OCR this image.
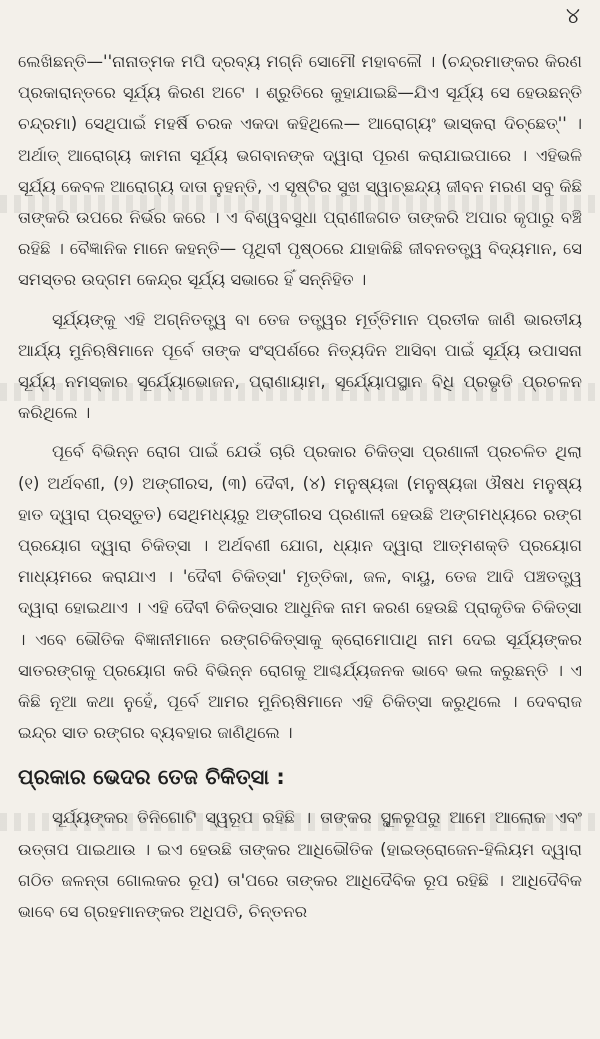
୪

ଲେଖିଛନ୍ତି—''ନାନାତ୍ମକ ମପି ଦ୍ରବ୍ୟ ମଗ୍ନି ସୋମୌ ମହାବଳୌ । (ଚନ୍ଦ୍ରମାଙ୍କର କିରଣ ପ୍ରକାରାନ୍ତରେ ସୂର୍ଯ୍ୟ କିରଣ ଅଟେ । ଶ୍ରୁତିରେ କୁହାଯାଇଛି—ଯିଏ ସୂର୍ଯ୍ୟ ସେ ହେଉଛନ୍ତି ଚନ୍ଦ୍ରମା) ସେଥିପାଇଁ ମହର୍ଷି ଚରକ ଏକଦା କହିଥିଲେ— ଆରୋଗ୍ୟଂ ଭାସ୍କରା ଦିଚ୍ଛେତ୍'' । ଅର୍ଥାତ୍ ଆରୋଗ୍ୟ କାମନା ସୂର୍ଯ୍ୟ ଭଗବାନଙ୍କ ଦ୍ୱାରା ପୂରଣ କରାଯାଇପାରେ । ଏହିଭଳି ସୂର୍ଯ୍ୟ କେବଳ ଆରୋଗ୍ୟ ଦାତା ନୁହନ୍ତି, ଏ ସୃଷ୍ଟିର ସୁଖ ସ୍ୱାଚ୍ଛନ୍ଦ୍ୟ ଜୀବନ ମରଣ ସବୁ କିଛି ତାଙ୍କରି ଉପରେ ନିର୍ଭର କରେ । ଏ ବିଶ୍ୱବସୁଧା ପ୍ରାଣୀଜଗତ ତାଙ୍କରି ଅପାର କୃପାରୁ ବଞ୍ଚି ରହିଛି । ବୈଜ୍ଞାନିକ ମାନେ କହନ୍ତି— ପୃଥିବୀ ପୃଷ୍ଠରେ ଯାହାକିଛି ଜୀବନତତ୍ତ୍ୱ ବିଦ୍ୟମାନ, ସେ ସମସ୍ତର ଉଦ୍‌ଗମ କେନ୍ଦ୍ର ସୂର୍ଯ୍ୟ ସଭାରେ ହିଁ ସନ୍ନିହିତ ।

ସୂର୍ଯ୍ୟଙ୍କୁ ଏହି ଅଗ୍ନିତତ୍ତ୍ୱ ବା ତେଜ ତତ୍ତ୍ୱର ମୂର୍ତ୍ତିମାନ ପ୍ରତୀକ ଜାଣି ଭାରତୀୟ ଆର୍ଯ୍ୟ ମୁନିଋଷିମାନେ ପୂର୍ବେ ତାଙ୍କ ସଂସ୍ପର୍ଶରେ ନିତ୍ୟଦିନ ଆସିବା ପାଇଁ ସୂର୍ଯ୍ୟ ଉପାସନା ସୂର୍ଯ୍ୟ ନମସ୍କାର ସୂର୍ଯ୍ୟୋଭୋଜନ, ପ୍ରାଣାୟାମ, ସୂର୍ଯ୍ୟୋପସ୍ଥାନ ବିଧି ପ୍ରଭୃତି ପ୍ରଚଳନ କରିଥିଲେ ।

ପୂର୍ବେ ବିଭିନ୍ନ ରୋଗ ପାଇଁ ଯେଉଁ ଚାରି ପ୍ରକାର ଚିକିତ୍ସା ପ୍ରଣାଳୀ ପ୍ରଚଳିତ ଥିଲା (୧) ଅର୍ଥବଣୀ, (୨) ଅଙ୍ଗୀରସ, (୩) ଦୈବୀ, (୪) ମନୁଷ୍ୟଜା (ମନୁଷ୍ୟଜା ଔଷଧ ମନୁଷ୍ୟ ହାତ ଦ୍ୱାରା ପ୍ରସ୍ତୁତ) ସେଥିମଧ୍ୟରୁ ଅଙ୍ଗୀରସ ପ୍ରଣାଳୀ ହେଉଛି ଅଙ୍ଗମଧ୍ୟରେ ରଙ୍ଗ ପ୍ରୟୋଗ ଦ୍ୱାରା ଚିକିତ୍ସା । ଅର୍ଥବଣୀ ଯୋଗ, ଧ୍ୟାନ ଦ୍ୱାରା ଆତ୍ମଶକ୍ତି ପ୍ରୟୋଗ ମାଧ୍ୟମରେ କରାଯାଏ । 'ଦୈବୀ ଚିକିତ୍ସା' ମୃତ୍ତିକା, ଜଳ, ବାୟୁ, ତେଜ ଆଦି ପଞ୍ଚତତ୍ତ୍ୱ ଦ୍ୱାରା ହୋଇଥାଏ । ଏହି ଦୈବୀ ଚିକିତ୍ସାର ଆଧୁନିକ ନାମ କରଣ ହେଉଛି ପ୍ରାକୃତିକ ଚିକିତ୍ସା । ଏବେ ଭୌତିକ ବିଜ୍ଞାନୀମାନେ ରଙ୍ଗଚିକିତ୍ସାକୁ କ୍ରୋମୋପାଥି ନାମ ଦେଇ ସୂର୍ଯ୍ୟଙ୍କର ସାତରଙ୍ଗକୁ ପ୍ରୟୋଗ କରି ବିଭିନ୍ନ ରୋଗକୁ ଆଶ୍ଚର୍ଯ୍ୟଜନକ ଭାବେ ଭଲ କରୁଛନ୍ତି । ଏ କିଛି ନୂଆ କଥା ନୁହେଁ, ପୂର୍ବେ ଆମର ମୁନିଋଷିମାନେ ଏହି ଚିକିତ୍ସା କରୁଥିଲେ । ଦେବରାଜ ଇନ୍ଦ୍ର ସାତ ରଙ୍ଗର ବ୍ୟବହାର ଜାଣିଥିଲେ ।

ପ୍ରକାର ଭେଦର ତେଜ ଚିକିତ୍ସା :

ସୂର୍ଯ୍ୟଙ୍କର ତିନିଗୋଟି ସ୍ୱରୂପ ରହିଛି । ତାଙ୍କର ସ୍ଥୂଳରୂପରୁ ଆମେ ଆଲୋକ ଏବଂ ଉତ୍ତାପ ପାଇଥାଉ । ଇଏ ହେଉଛି ତାଙ୍କର ଆଧିଭୌତିକ (ହାଇଡ୍ରୋଜେନ-ହିଲିୟମ ଦ୍ୱାରା ଗଠିତ ଜଳନ୍ତା ଗୋଲକର ରୂପ) ତା'ପରେ ତାଙ୍କର ଆଧିଦୈବିକ ରୂପ ରହିଛି । ଆଧିଦୈବିକ ଭାବେ ସେ ଗ୍ରହମାନଙ୍କର ଅଧିପତି, ଚିନ୍ତନର
